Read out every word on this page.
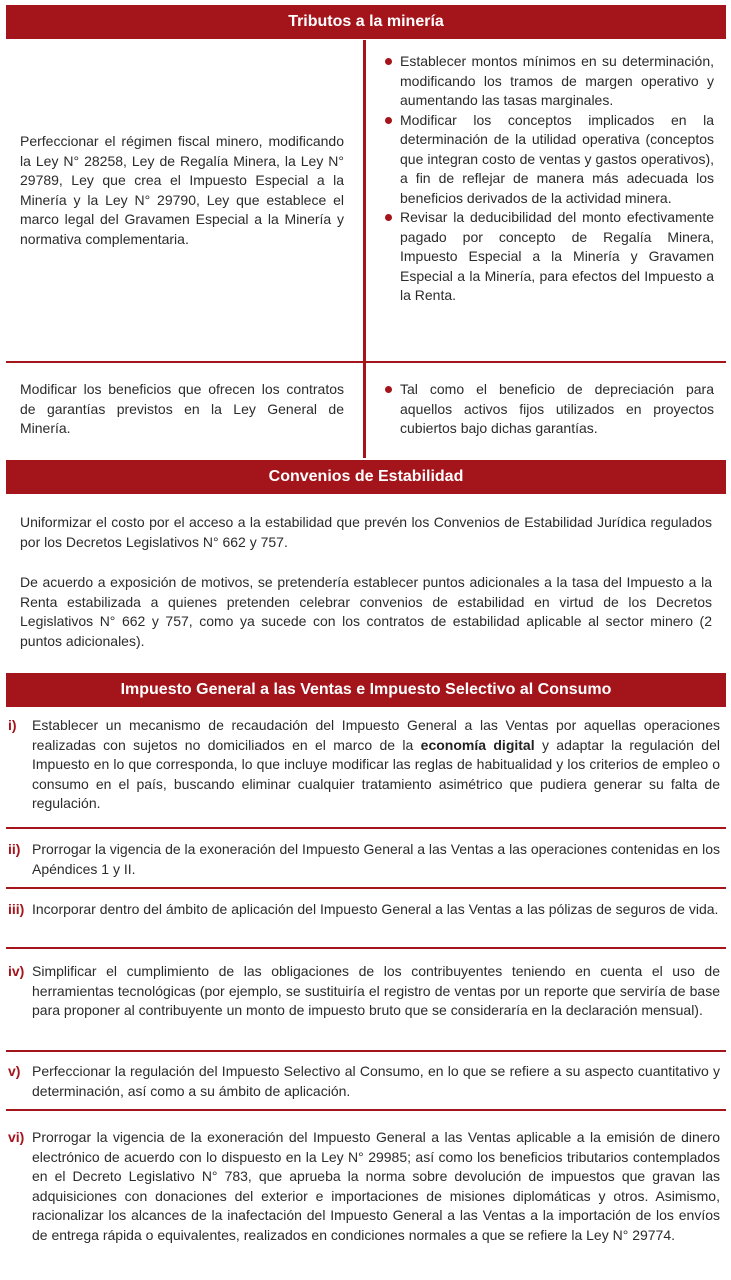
Tributos a la minería

Perfeccionar el régimen fiscal minero, modificando la Ley N° 28258, Ley de Regalía Minera, la Ley N° 29789, Ley que crea el Impuesto Especial a la Minería y la Ley N° 29790, Ley que establece el marco legal del Gravamen Especial a la Minería y normativa complementaria.

Establecer montos mínimos en su determinación, modificando los tramos de margen operativo y aumentando las tasas marginales.
Modificar los conceptos implicados en la determinación de la utilidad operativa (conceptos que integran costo de ventas y gastos operativos), a fin de reflejar de manera más adecuada los beneficios derivados de la actividad minera.
Revisar la deducibilidad del monto efectivamente pagado por concepto de Regalía Minera, Impuesto Especial a la Minería y Gravamen Especial a la Minería, para efectos del Impuesto a la Renta.

Modificar los beneficios que ofrecen los contratos de garantías previstos en la Ley General de Minería.

Tal como el beneficio de depreciación para aquellos activos fijos utilizados en proyectos cubiertos bajo dichas garantías.
Convenios de Estabilidad

Uniformizar el costo por el acceso a la estabilidad que prevén los Convenios de Estabilidad Jurídica regulados por los Decretos Legislativos N° 662 y 757.

De acuerdo a exposición de motivos, se pretendería establecer puntos adicionales a la tasa del Impuesto a la Renta estabilizada a quienes pretenden celebrar convenios de estabilidad en virtud de los Decretos Legislativos N° 662 y 757, como ya sucede con los contratos de estabilidad aplicable al sector minero (2 puntos adicionales).

Impuesto General a las Ventas e Impuesto Selectivo al Consumo
i)	Establecer un mecanismo de recaudación del Impuesto General a las Ventas por aquellas operaciones realizadas con sujetos no domiciliados en el marco de la economía digital y adaptar la regulación del Impuesto en lo que corresponda, lo que incluye modificar las reglas de habitualidad y los criterios de empleo o consumo en el país, buscando eliminar cualquier tratamiento asimétrico que pudiera generar su falta de regulación.

ii) Prorrogar la vigencia de la exoneración del Impuesto General a las Ventas a las operaciones contenidas en los Apéndices 1 y II.

iii) Incorporar dentro del ámbito de aplicación del Impuesto General a las Ventas a las pólizas de seguros de vida.

iv) Simplificar el cumplimiento de las obligaciones de los contribuyentes teniendo en cuenta el uso de herramientas tecnológicas (por ejemplo, se sustituiría el registro de ventas por un reporte que serviría de base para proponer al contribuyente un monto de impuesto bruto que se consideraría en la declaración mensual).

v) Perfeccionar la regulación del Impuesto Selectivo al Consumo, en lo que se refiere a su aspecto cuantitativo y determinación, así como a su ámbito de aplicación.

vi) Prorrogar la vigencia de la exoneración del Impuesto General a las Ventas aplicable a la emisión de dinero electrónico de acuerdo con lo dispuesto en la Ley N° 29985; así como los beneficios tributarios contemplados en el Decreto Legislativo N° 783, que aprueba la norma sobre devolución de impuestos que gravan las adquisiciones con donaciones del exterior e importaciones de misiones diplomáticas y otros. Asimismo, racionalizar los alcances de la inafectación del Impuesto General a las Ventas a la importación de los envíos de entrega rápida o equivalentes, realizados en condiciones normales a que se refiere la Ley N° 29774.
